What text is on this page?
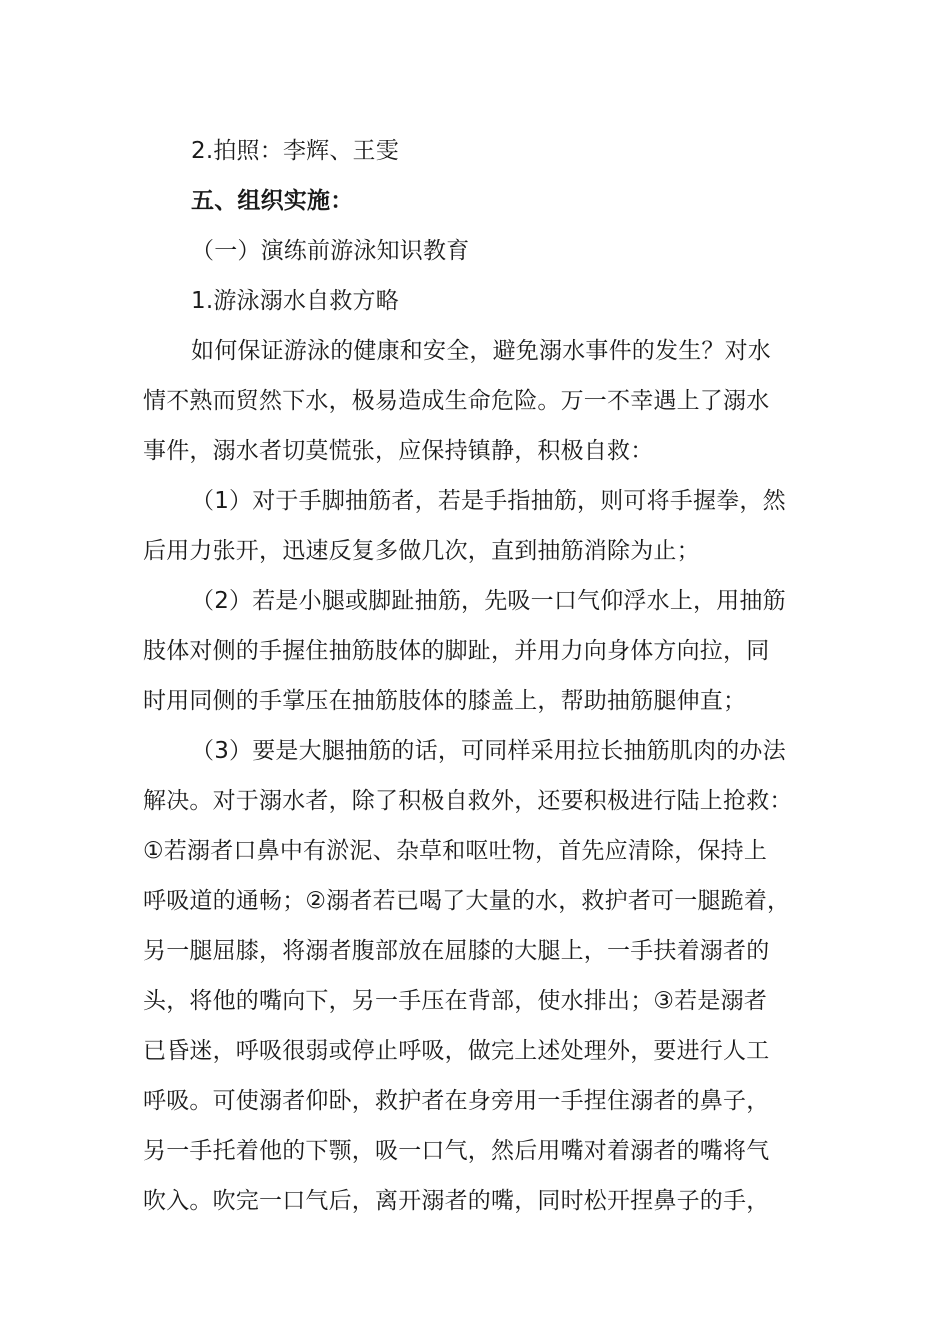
2.拍照：李辉、王雯
五、组织实施：
（一）演练前游泳知识教育
1.游泳溺水自救方略
如何保证游泳的健康和安全，避免溺水事件的发生？对水
情不熟而贸然下水，极易造成生命危险。万一不幸遇上了溺水
事件，溺水者切莫慌张，应保持镇静，积极自救：
（1）对于手脚抽筋者，若是手指抽筋，则可将手握拳，然
后用力张开，迅速反复多做几次，直到抽筋消除为止；
（2）若是小腿或脚趾抽筋，先吸一口气仰浮水上，用抽筋
肢体对侧的手握住抽筋肢体的脚趾，并用力向身体方向拉，同
时用同侧的手掌压在抽筋肢体的膝盖上，帮助抽筋腿伸直；
（3）要是大腿抽筋的话，可同样采用拉长抽筋肌肉的办法
解决。对于溺水者，除了积极自救外，还要积极进行陆上抢救：
①若溺者口鼻中有淤泥、杂草和呕吐物，首先应清除，保持上
呼吸道的通畅；②溺者若已喝了大量的水，救护者可一腿跪着，
另一腿屈膝，将溺者腹部放在屈膝的大腿上，一手扶着溺者的
头，将他的嘴向下，另一手压在背部，使水排出；③若是溺者
已昏迷，呼吸很弱或停止呼吸，做完上述处理外，要进行人工
呼吸。可使溺者仰卧，救护者在身旁用一手捏住溺者的鼻子，
另一手托着他的下颚，吸一口气，然后用嘴对着溺者的嘴将气
吹入。吹完一口气后，离开溺者的嘴，同时松开捏鼻子的手，
